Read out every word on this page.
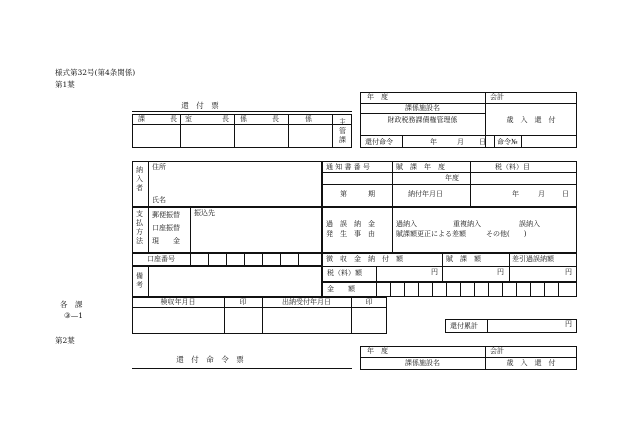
様式第32号(第4条関係)
第1葉
還　付　票
年　度	会計
課係施設名
財政税務課債権管理係	歳　入　還　付
還付命令	年	月 日 命令№
課	長 室	長 係	長	係	主管課
納入者
住所
氏名
通 知 書 番 号	賦　課　年　度	税（料）目
年度
第　　　期	納付年月日	年	月 日
支払方法
郵便振替
口座振替
現　　金
振込先
口座番号
過　誤　納　金
発　生　事　由
過納入	重複納入	誤納入
賦課額更正による差額	その他(　　)
徴　収　金　納　付　額	賦　課　額	差引過誤納額
税（料）額	円	円	円
金　　額
備考
各　課
③—1
検収年月日	印	出納受付年月日	印
還付累計	円
第2葉
還　付　命　令　票
年　度	会計
課係施設名	歳　入　還　付
